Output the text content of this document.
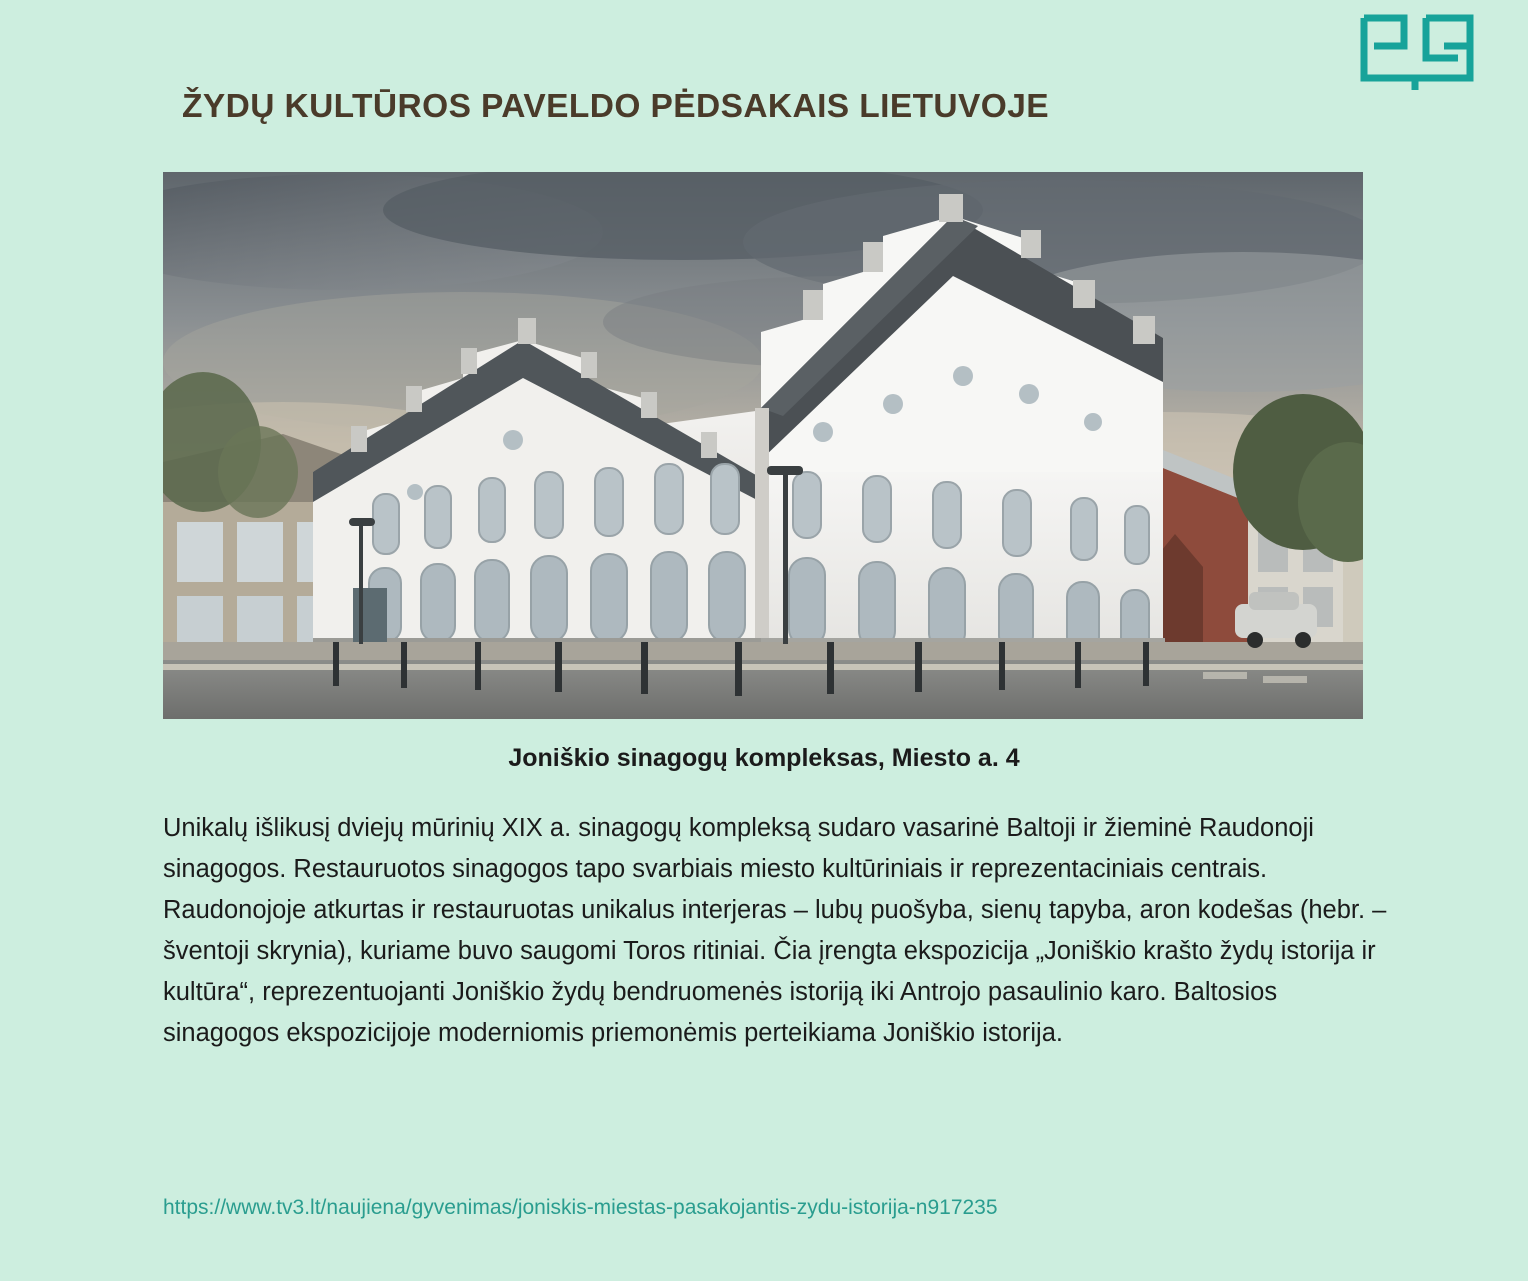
ŽYDŲ KULTŪROS PAVELDO PĖDSAKAIS LIETUVOJE
Joniškio sinagogų kompleksas, Miesto a. 4
Unikalų išlikusį dviejų mūrinių XIX a. sinagogų kompleksą sudaro vasarinė Baltoji ir žieminė Raudonoji sinagogos. Restauruotos sinagogos tapo svarbiais miesto kultūriniais ir reprezentaciniais centrais. Raudonojoje atkurtas ir restauruotas unikalus interjeras – lubų puošyba, sienų tapyba, aron kodešas (hebr. – šventoji skrynia), kuriame buvo saugomi Toros ritiniai. Čia įrengta ekspozicija „Joniškio krašto žydų istorija ir kultūra“, reprezentuojanti Joniškio žydų bendruomenės istoriją iki Antrojo pasaulinio karo. Baltosios sinagogos ekspozicijoje moderniomis priemonėmis perteikiama Joniškio istorija.
https://www.tv3.lt/naujiena/gyvenimas/joniskis-miestas-pasakojantis-zydu-istorija-n917235
